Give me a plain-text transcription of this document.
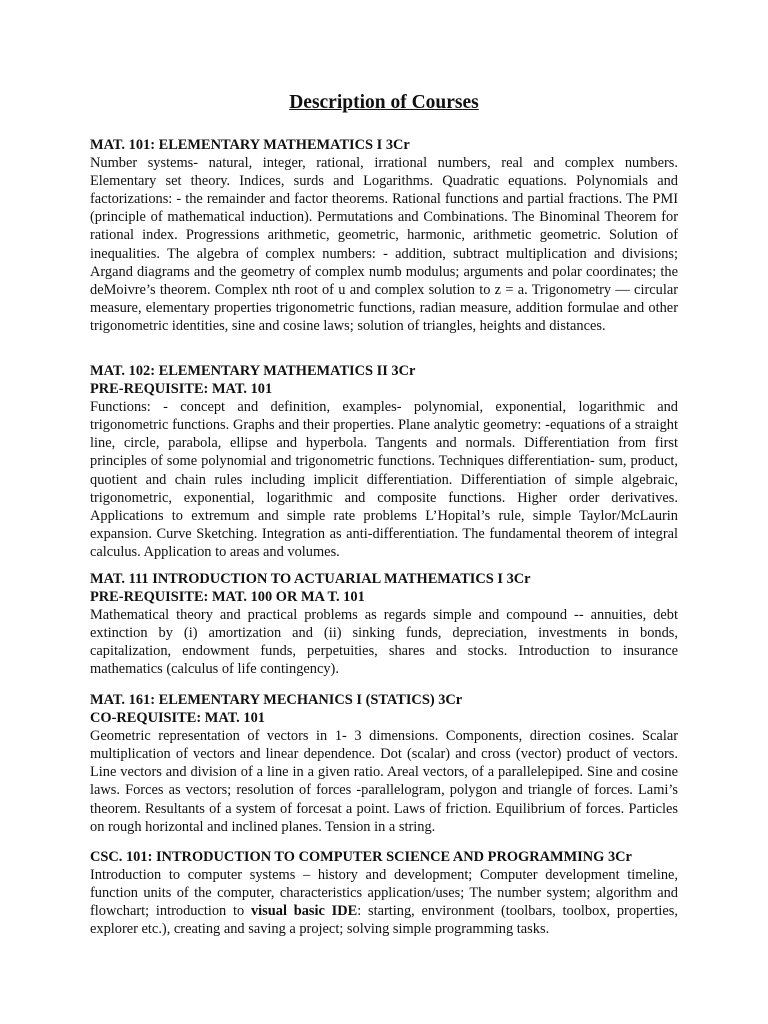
Description of Courses
MAT. 101: ELEMENTARY MATHEMATICS I 3Cr

Number systems- natural, integer, rational, irrational numbers, real and complex numbers. Elementary set theory. Indices, surds and Logarithms. Quadratic equations. Polynomials and factorizations: - the remainder and factor theorems. Rational functions and partial fractions. The PMI (principle of mathematical induction). Permutations and Combinations. The Binominal Theorem for rational index. Progressions arithmetic, geometric, harmonic, arithmetic geometric. Solution of inequalities. The algebra of complex numbers: - addition, subtract multiplication and divisions; Argand diagrams and the geometry of complex numb modulus; arguments and polar coordinates; the deMoivre’s theorem. Complex nth root of u and complex solution to z = a. Trigonometry — circular measure, elementary properties trigonometric functions, radian measure, addition formulae and other trigonometric identities, sine and cosine laws; solution of triangles, heights and distances.

MAT. 102: ELEMENTARY MATHEMATICS II 3Cr
PRE-REQUISITE: MAT. 101

Functions: - concept and definition, examples- polynomial, exponential, logarithmic and trigonometric functions. Graphs and their properties. Plane analytic geometry: -equations of a straight line, circle, parabola, ellipse and hyperbola. Tangents and normals. Differentiation from first principles of some polynomial and trigonometric functions. Techniques differentiation- sum, product, quotient and chain rules including implicit differentiation. Differentiation of simple algebraic, trigonometric, exponential, logarithmic and composite functions. Higher order derivatives. Applications to extremum and simple rate problems L’Hopital’s rule, simple Taylor/McLaurin expansion. Curve Sketching. Integration as anti-differentiation. The fundamental theorem of integral calculus. Application to areas and volumes.

MAT. 111 INTRODUCTION TO ACTUARIAL MATHEMATICS I 3Cr
PRE-REQUISITE: MAT. 100 OR MA T. 101

Mathematical theory and practical problems as regards simple and compound -- annuities, debt extinction by (i) amortization and (ii) sinking funds, depreciation, investments in bonds, capitalization, endowment funds, perpetuities, shares and stocks. Introduction to insurance mathematics (calculus of life contingency).

MAT. 161: ELEMENTARY MECHANICS I (STATICS) 3Cr
CO-REQUISITE: MAT. 101

Geometric representation of vectors in 1- 3 dimensions. Components, direction cosines. Scalar multiplication of vectors and linear dependence. Dot (scalar) and cross (vector) product of vectors. Line vectors and division of a line in a given ratio. Areal vectors, of a parallelepiped. Sine and cosine laws. Forces as vectors; resolution of forces -parallelogram, polygon and triangle of forces. Lami’s theorem. Resultants of a system of forcesat a point. Laws of friction. Equilibrium of forces. Particles on rough horizontal and inclined planes. Tension in a string.

CSC. 101: INTRODUCTION TO COMPUTER SCIENCE AND PROGRAMMING 3Cr

Introduction to computer systems – history and development; Computer development timeline, function units of the computer, characteristics application/uses; The number system; algorithm and flowchart; introduction to visual basic IDE: starting, environment (toolbars, toolbox, properties, explorer etc.), creating and saving a project; solving simple programming tasks.
